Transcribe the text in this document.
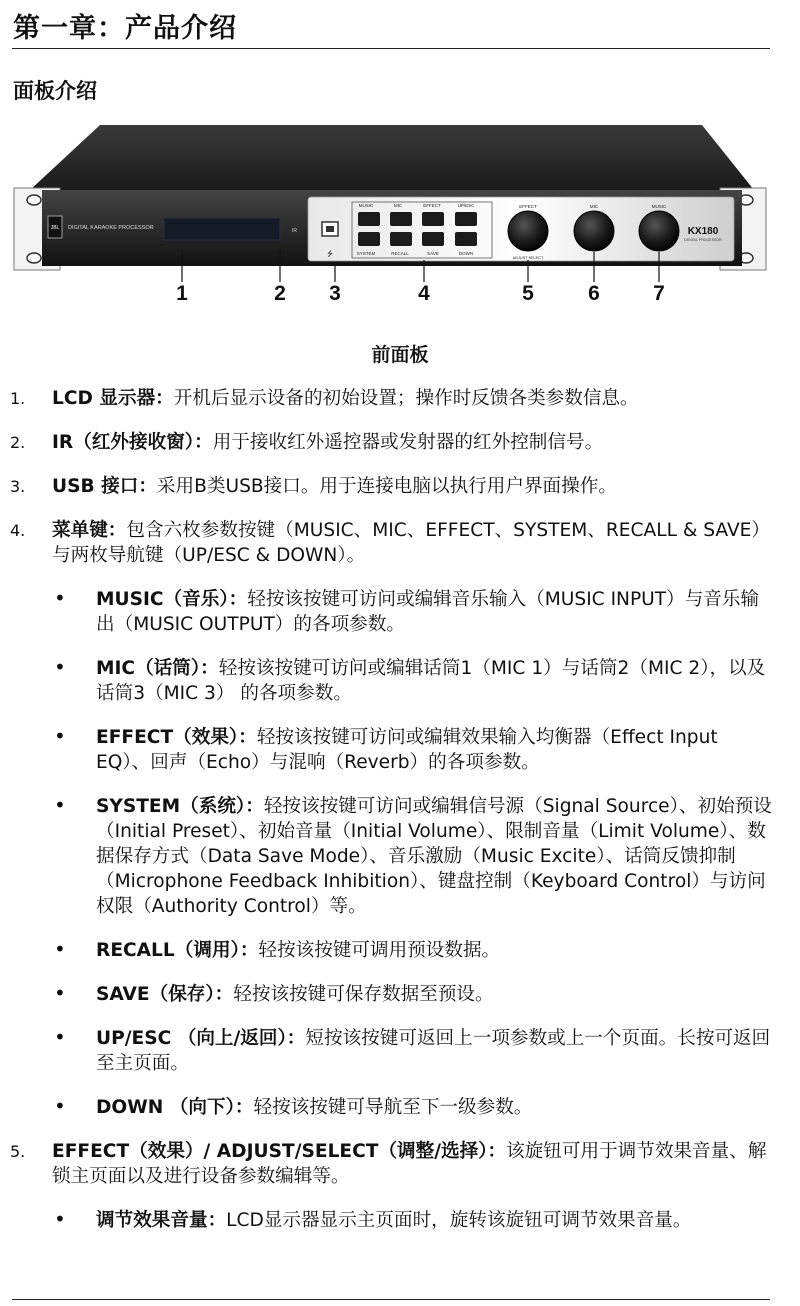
第一章：产品介绍
面板介绍
JBL DIGITAL KARAOKE PROCESSOR	IR
⭍
MUSIC	MIC	EFFECT	UP/ESC
SYSTEM	RECALL	SAVE	DOWN
EFFECT
ADJUST SELECT
MIC	MUSIC
KX180
DIGITAL PROCESSOR
1	2 3	4	5	6	7

前面板

1. LCD 显示器：开机后显示设备的初始设置；操作时反馈各类参数信息。

2. IR（红外接收窗）：用于接收红外遥控器或发射器的红外控制信号。

3. USB 接口：采用B类USB接口。用于连接电脑以执行用户界面操作。

4. 菜单键：包含六枚参数按键（MUSIC、MIC、EFFECT、SYSTEM、RECALL & SAVE）与两枚导航键（UP/ESC & DOWN）。

• MUSIC（音乐）：轻按该按键可访问或编辑音乐输入（MUSIC INPUT）与音乐输出（MUSIC OUTPUT）的各项参数。

• MIC（话筒）：轻按该按键可访问或编辑话筒1（MIC 1）与话筒2（MIC 2），以及话筒3（MIC 3） 的各项参数。

• EFFECT（效果）：轻按该按键可访问或编辑效果输入均衡器（Effect Input EQ）、回声（Echo）与混响（Reverb）的各项参数。

• SYSTEM（系统）：轻按该按键可访问或编辑信号源（Signal Source）、初始预设（Initial Preset）、初始音量（Initial Volume）、限制音量（Limit Volume）、数据保存方式（Data Save Mode）、音乐激励（Music Excite）、话筒反馈抑制（Microphone Feedback Inhibition）、键盘控制（Keyboard Control）与访问权限（Authority Control）等。

• RECALL（调用）：轻按该按键可调用预设数据。

• SAVE（保存）：轻按该按键可保存数据至预设。

• UP/ESC （向上/返回）：短按该按键可返回上一项参数或上一个页面。长按可返回至主页面。

• DOWN （向下）：轻按该按键可导航至下一级参数。

5. EFFECT（效果）/ ADJUST/SELECT（调整/选择）：该旋钮可用于调节效果音量、解锁主页面以及进行设备参数编辑等。

• 调节效果音量：LCD显示器显示主页面时，旋转该旋钮可调节效果音量。
